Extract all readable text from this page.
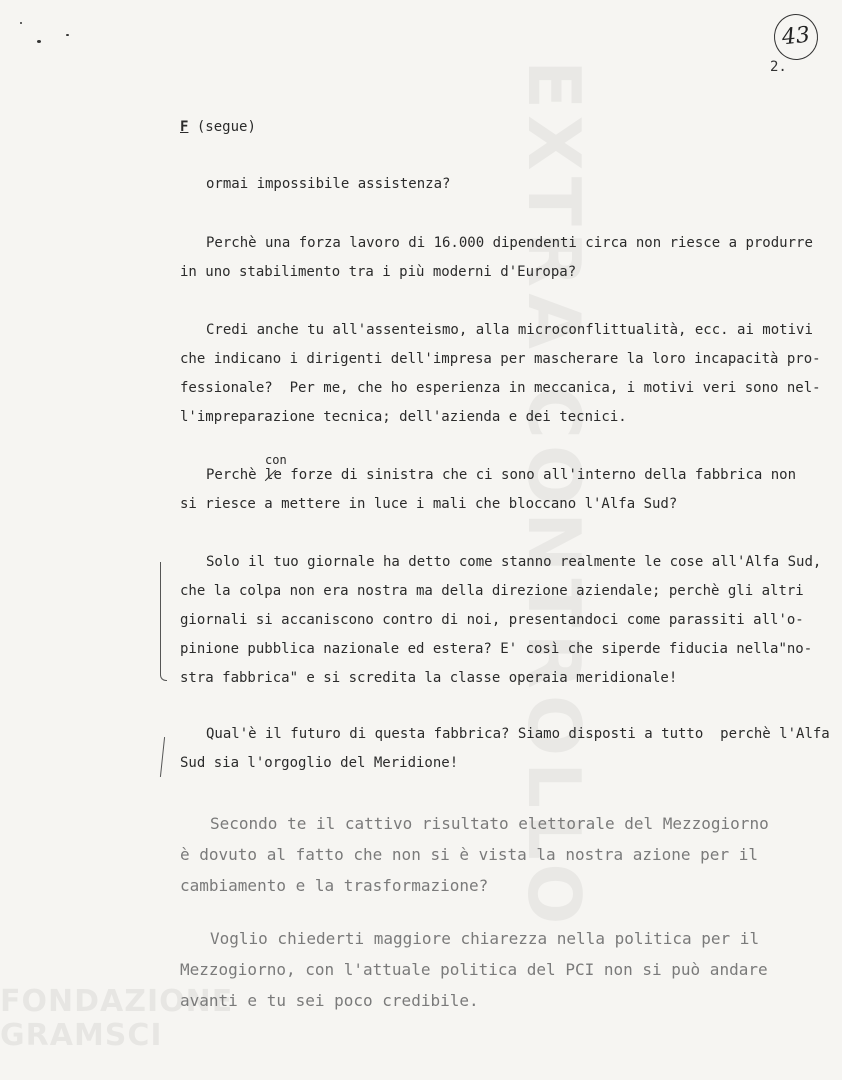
EXTRA CONTROLLO
FONDAZIONE GRAMSCI
43
2.
F (segue)
ormai impossibile assistenza?
Perchè una forza lavoro di 16.000 dipendenti circa non riesce a produrre
in uno stabilimento tra i più moderni d'Europa?
Credi anche tu all'assenteismo, alla microconflittualità, ecc. ai motivi
che indicano i dirigenti dell'impresa per mascherare la loro incapacità pro-
fessionale?  Per me, che ho esperienza in meccanica, i motivi veri sono nel-
l'impreparazione tecnica; dell'azienda e dei tecnici.
Perchè le
con
forze di sinistra che ci sono all'interno della fabbrica non
si riesce a mettere in luce i mali che bloccano l'Alfa Sud?
Solo il tuo giornale ha detto come stanno realmente le cose all'Alfa Sud,
che la colpa non era nostra ma della direzione aziendale; perchè gli altri
giornali si accaniscono contro di noi, presentandoci come parassiti all'o-
pinione pubblica nazionale ed estera? E' così che siperde fiducia nella"no-
stra fabbrica" e si scredita la classe operaia meridionale!
Qual'è il futuro di questa fabbrica? Siamo disposti a tutto  perchè l'Alfa
Sud sia l'orgoglio del Meridione!
Secondo te il cattivo risultato elettorale del Mezzogiorno
è dovuto al fatto che non si è vista la nostra azione per il
cambiamento e la trasformazione?
Voglio chiederti maggiore chiarezza nella politica per il
Mezzogiorno, con l'attuale politica del PCI non si può andare
avanti e tu sei poco credibile.
